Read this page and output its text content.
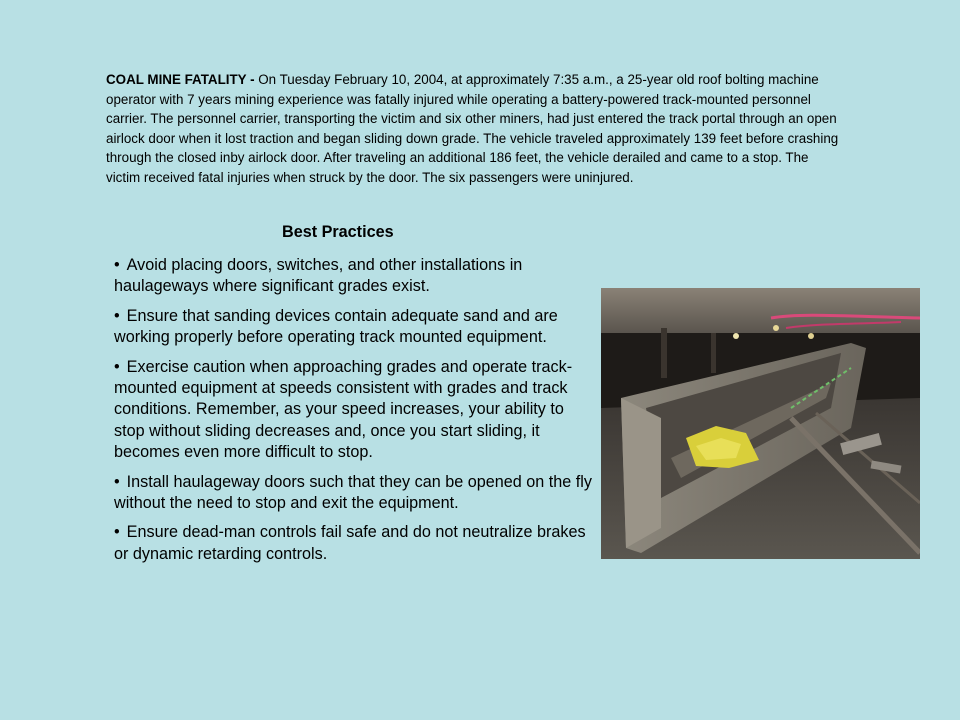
COAL MINE FATALITY - On Tuesday February 10, 2004, at approximately 7:35 a.m., a 25-year old roof bolting machine operator with 7 years mining experience was fatally injured while operating a battery-powered track-mounted personnel carrier. The personnel carrier, transporting the victim and six other miners, had just entered the track portal through an open airlock door when it lost traction and began sliding down grade. The vehicle traveled approximately 139 feet before crashing through the closed inby airlock door. After traveling an additional 186 feet, the vehicle derailed and came to a stop. The victim received fatal injuries when struck by the door. The six passengers were uninjured.

Best Practices
• Avoid placing doors, switches, and other installations in haulageways where significant grades exist.
• Ensure that sanding devices contain adequate sand and are working properly before operating track mounted equipment.
• Exercise caution when approaching grades and operate track-mounted equipment at speeds consistent with grades and track conditions. Remember, as your speed increases, your ability to stop without sliding decreases and, once you start sliding, it becomes even more difficult to stop.
• Install haulageway doors such that they can be opened on the fly without the need to stop and exit the equipment.
• Ensure dead-man controls fail safe and do not neutralize brakes or dynamic retarding controls.
